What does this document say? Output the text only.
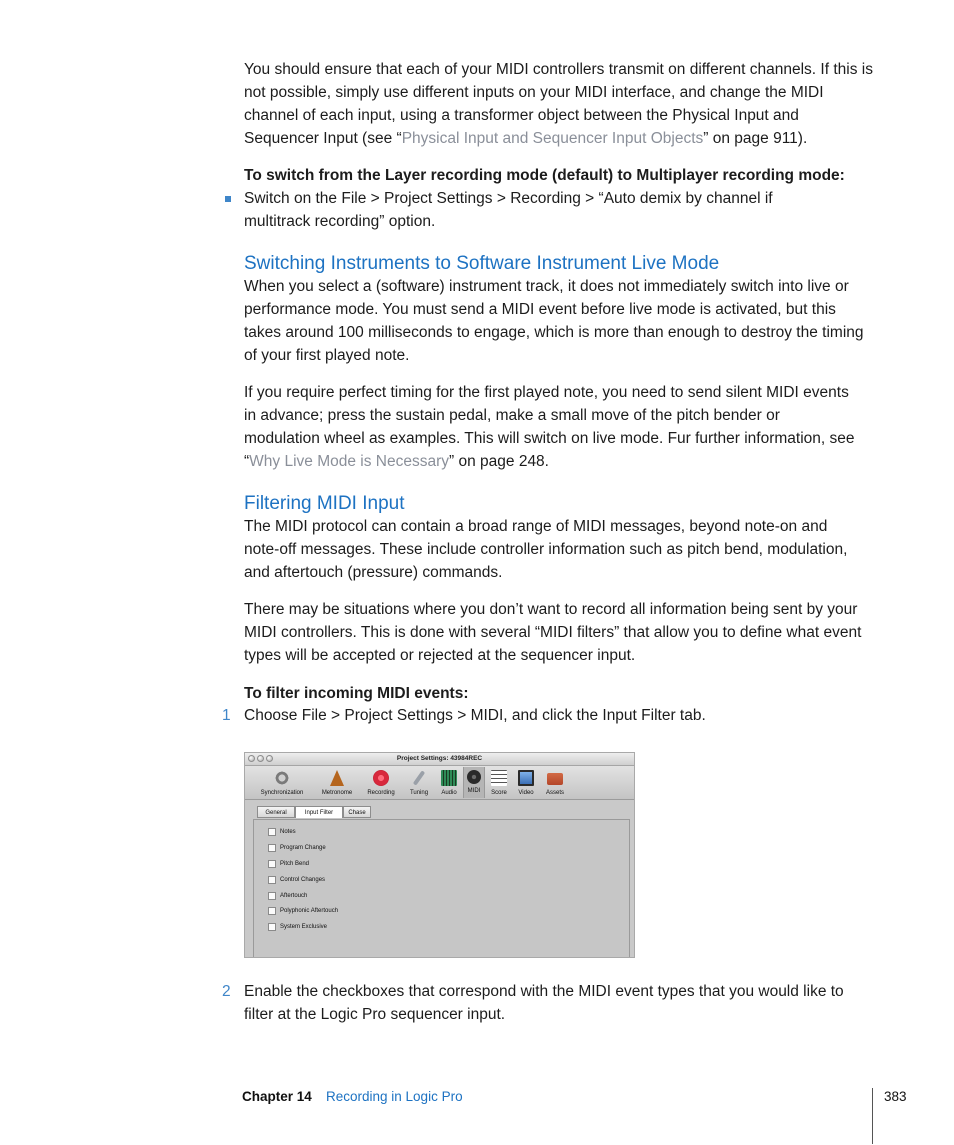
You should ensure that each of your MIDI controllers transmit on different channels. If this is not possible, simply use different inputs on your MIDI interface, and change the MIDI channel of each input, using a transformer object between the Physical Input and Sequencer Input (see “Physical Input and Sequencer Input Objects” on page 911).
To switch from the Layer recording mode (default) to Multiplayer recording mode:
Switch on the File > Project Settings > Recording > “Auto demix by channel if multitrack recording” option.
Switching Instruments to Software Instrument Live Mode
When you select a (software) instrument track, it does not immediately switch into live or performance mode. You must send a MIDI event before live mode is activated, but this takes around 100 milliseconds to engage, which is more than enough to destroy the timing of your first played note.
If you require perfect timing for the first played note, you need to send silent MIDI events in advance; press the sustain pedal, make a small move of the pitch bender or modulation wheel as examples. This will switch on live mode. Fur further information, see “Why Live Mode is Necessary” on page 248.
Filtering MIDI Input
The MIDI protocol can contain a broad range of MIDI messages, beyond note-on and note-off messages. These include controller information such as pitch bend, modulation, and aftertouch (pressure) commands.
There may be situations where you don’t want to record all information being sent by your MIDI controllers. This is done with several “MIDI filters” that allow you to define what event types will be accepted or rejected at the sequencer input.
To filter incoming MIDI events:
1 Choose File > Project Settings > MIDI, and click the Input Filter tab.
Project Settings: 43984REC
Synchronization	Metronome	Recording	Tuning	Audio	MIDI	Score	Video	Assets
General	Input Filter	Chase
Notes
Program Change
Pitch Bend
Control Changes
Aftertouch
Polyphonic Aftertouch
System Exclusive
2 Enable the checkboxes that correspond with the MIDI event types that you would like to filter at the Logic Pro sequencer input.
Chapter 14 Recording in Logic Pro	383
